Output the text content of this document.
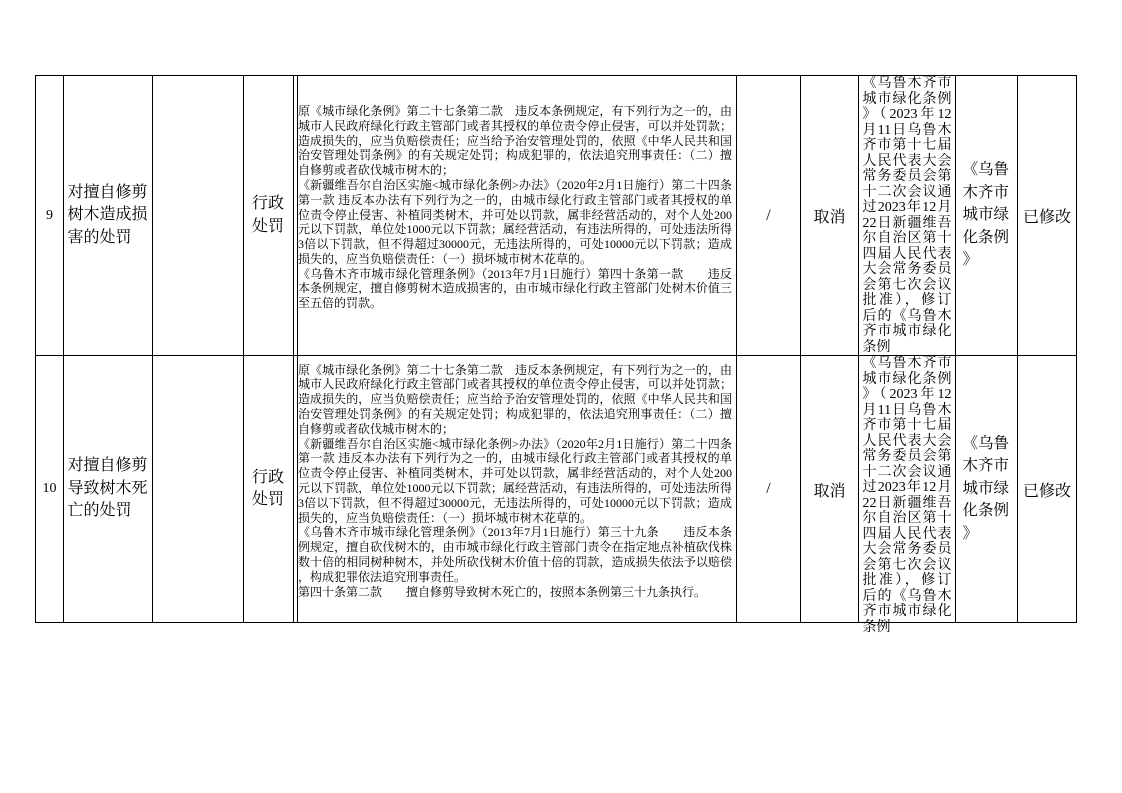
9
对擅自修剪树木造成损害的处罚
行政处罚

原《城市绿化条例》第二十七条第二款　违反本条例规定，有下列行为之一的，由城市人民政府绿化行政主管部门或者其授权的单位责令停止侵害，可以并处罚款；造成损失的，应当负赔偿责任；应当给予治安管理处罚的，依照《中华人民共和国治安管理处罚条例》的有关规定处罚；构成犯罪的，依法追究刑事责任：（二）擅自修剪或者砍伐城市树木的；

《新疆维吾尔自治区实施<城市绿化条例>办法》（2020年2月1日施行）第二十四条第一款 违反本办法有下列行为之一的，由城市绿化行政主管部门或者其授权的单位责令停止侵害、补植同类树木，并可处以罚款，属非经营活动的，对个人处200元以下罚款，单位处1000元以下罚款；属经营活动，有违法所得的，可处违法所得3倍以下罚款，但不得超过30000元，无违法所得的，可处10000元以下罚款；造成损失的，应当负赔偿责任：（一）损坏城市树木花草的。

《乌鲁木齐市城市绿化管理条例》（2013年7月1日施行）第四十条第一款　　违反本条例规定，擅自修剪树木造成损害的，由市城市绿化行政主管部门处树木价值三至五倍的罚款。

/	取消
《乌鲁木齐市城市绿化条例》（2023年12月11日乌鲁木齐市第十七届人民代表大会常务委员会第十二次会议通过2023年12月22日新疆维吾尔自治区第十四届人民代表大会常务委员会第七次会议批准），修订后的《乌鲁木齐市城市绿化条例
《乌鲁木齐市城市绿化条例》
已修改
10
对擅自修剪导致树木死亡的处罚
行政处罚

原《城市绿化条例》第二十七条第二款　违反本条例规定，有下列行为之一的，由城市人民政府绿化行政主管部门或者其授权的单位责令停止侵害，可以并处罚款；造成损失的，应当负赔偿责任；应当给予治安管理处罚的，依照《中华人民共和国治安管理处罚条例》的有关规定处罚；构成犯罪的，依法追究刑事责任：（二）擅自修剪或者砍伐城市树木的；

《新疆维吾尔自治区实施<城市绿化条例>办法》（2020年2月1日施行）第二十四条第一款 违反本办法有下列行为之一的，由城市绿化行政主管部门或者其授权的单位责令停止侵害、补植同类树木，并可处以罚款，属非经营活动的，对个人处200元以下罚款，单位处1000元以下罚款；属经营活动，有违法所得的，可处违法所得3倍以下罚款，但不得超过30000元，无违法所得的，可处10000元以下罚款；造成损失的，应当负赔偿责任：（一）损坏城市树木花草的。

《乌鲁木齐市城市绿化管理条例》（2013年7月1日施行）第三十九条　　违反本条例规定，擅自砍伐树木的，由市城市绿化行政主管部门责令在指定地点补植砍伐株数十倍的相同树种树木，并处所砍伐树木价值十倍的罚款，造成损失依法予以赔偿，构成犯罪依法追究刑事责任。

第四十条第二款　　擅自修剪导致树木死亡的，按照本条例第三十九条执行。

/	取消
《乌鲁木齐市城市绿化条例》（2023年12月11日乌鲁木齐市第十七届人民代表大会常务委员会第十二次会议通过2023年12月22日新疆维吾尔自治区第十四届人民代表大会常务委员会第七次会议批准），修订后的《乌鲁木齐市城市绿化条例
《乌鲁木齐市城市绿化条例》
已修改
